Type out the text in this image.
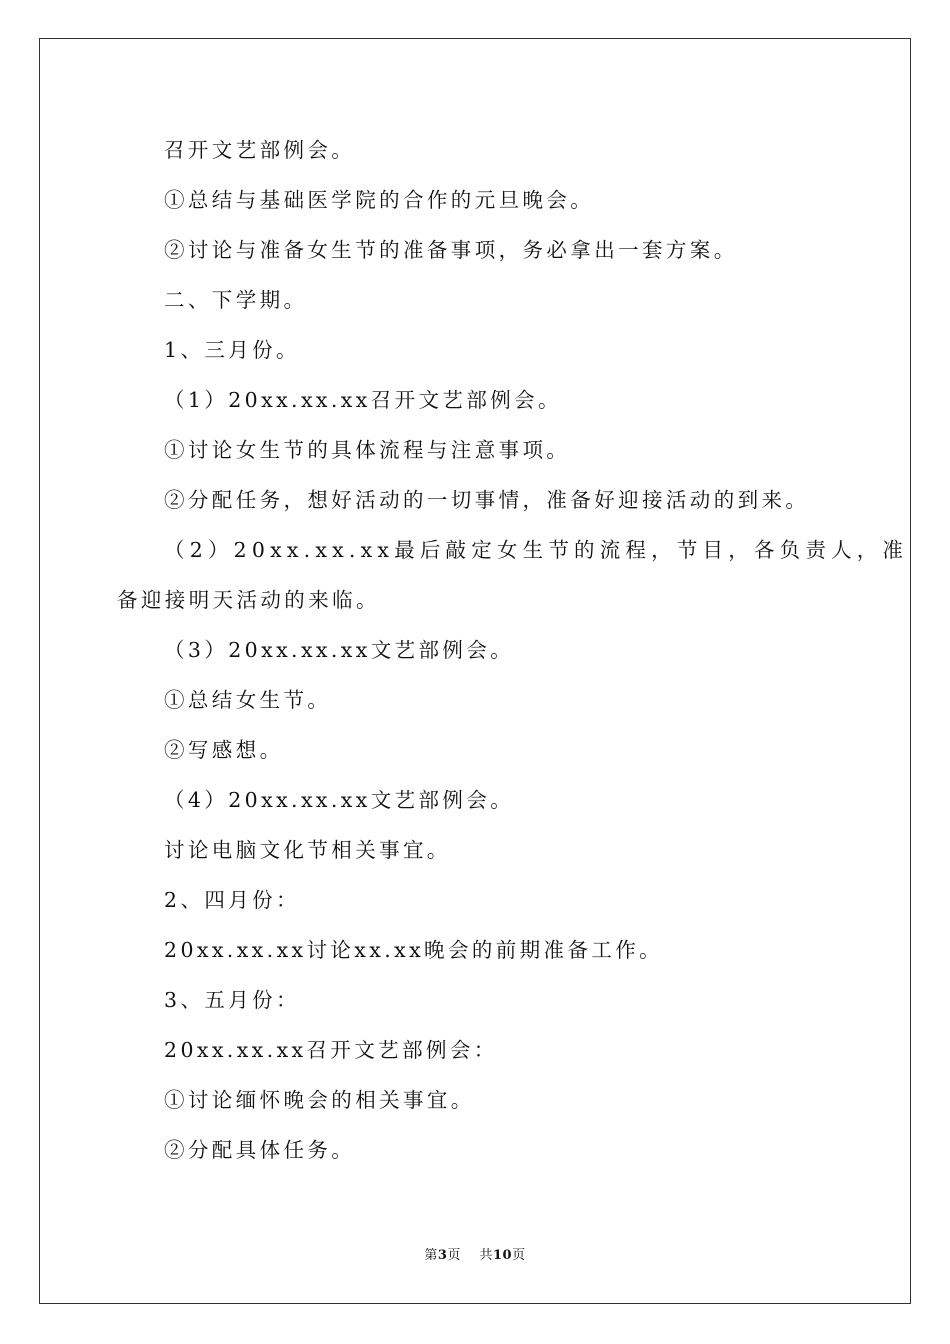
召开文艺部例会。
①总结与基础医学院的合作的元旦晚会。
②讨论与准备女生节的准备事项，务必拿出一套方案。
二、下学期。
1、三月份。
（1）20xx.xx.xx召开文艺部例会。
①讨论女生节的具体流程与注意事项。
②分配任务，想好活动的一切事情，准备好迎接活动的到来。
（2）20xx.xx.xx最后敲定女生节的流程，节目，各负责人，准
备迎接明天活动的来临。
（3）20xx.xx.xx文艺部例会。
①总结女生节。
②写感想。
（4）20xx.xx.xx文艺部例会。
讨论电脑文化节相关事宜。
2、四月份：
20xx.xx.xx讨论xx.xx晚会的前期准备工作。
3、五月份：
20xx.xx.xx召开文艺部例会：
①讨论缅怀晚会的相关事宜。
②分配具体任务。
第3页 共10页
